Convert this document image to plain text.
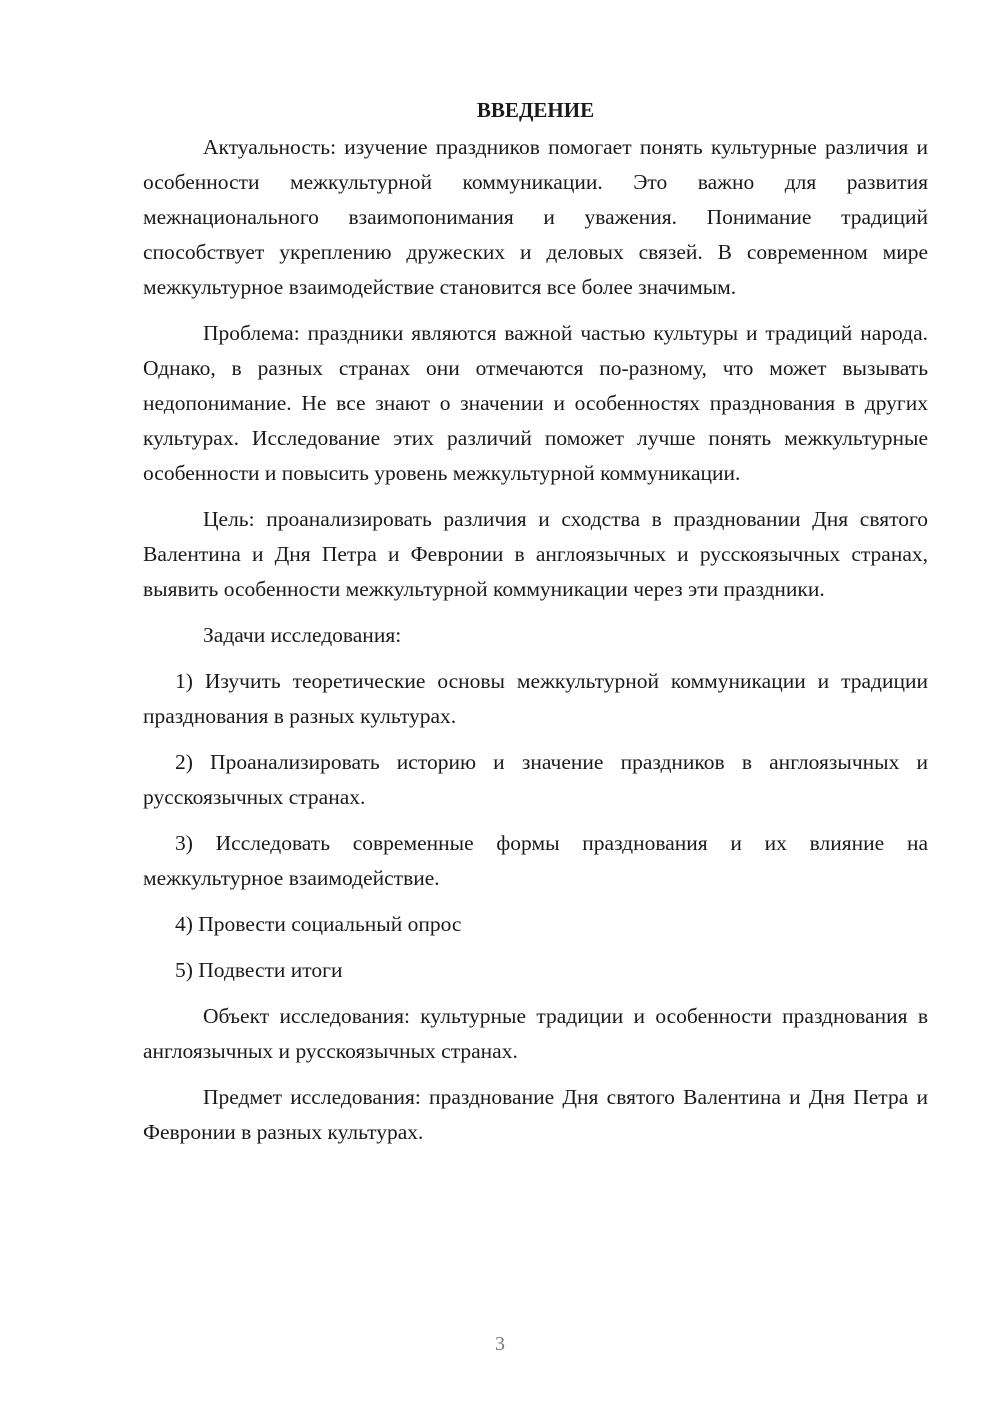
ВВЕДЕНИЕ

Актуальность: изучение праздников помогает понять культурные различия и особенности межкультурной коммуникации. Это важно для развития межнационального взаимопонимания и уважения. Понимание традиций способствует укреплению дружеских и деловых связей. В современном мире межкультурное взаимодействие становится все более значимым.

Проблема: праздники являются важной частью культуры и традиций народа. Однако, в разных странах они отмечаются по-разному, что может вызывать недопонимание. Не все знают о значении и особенностях празднования в других культурах. Исследование этих различий поможет лучше понять межкультурные особенности и повысить уровень межкультурной коммуникации.

Цель: проанализировать различия и сходства в праздновании Дня святого Валентина и Дня Петра и Февронии в англоязычных и русскоязычных странах, выявить особенности межкультурной коммуникации через эти праздники.

Задачи исследования:

1) Изучить теоретические основы межкультурной коммуникации и традиции празднования в разных культурах.

2) Проанализировать историю и значение праздников в англоязычных и русскоязычных странах.

3) Исследовать современные формы празднования и их влияние на межкультурное взаимодействие.

4) Провести социальный опрос

5) Подвести итоги

Объект исследования: культурные традиции и особенности празднования в англоязычных и русскоязычных странах.

Предмет исследования: празднование Дня святого Валентина и Дня Петра и Февронии в разных культурах.

3
